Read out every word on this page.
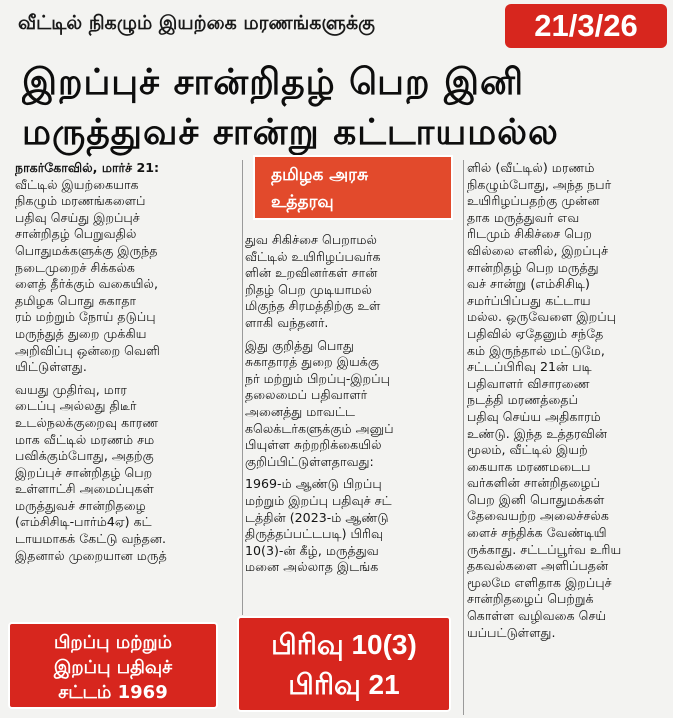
வீட்டில் நிகழும் இயற்கை மரணங்களுக்கு	21/3/26
இறப்புச் சான்றிதழ் பெற இனி
மருத்துவச் சான்று கட்டாயமல்ல

நாகர்கோவில், மார்ச் 21:
வீட்டில் இயற்கையாக
நிகழும் மரணங்களைப்
பதிவு செய்து இறப்புச்
சான்றிதழ் பெறுவதில்
பொதுமக்களுக்கு இருந்த
நடைமுறைச் சிக்கல்க
ளைத் தீர்க்கும் வகையில்,
தமிழக பொது சுகாதா
ரம் மற்றும் நோய் தடுப்பு
மருந்துத் துறை முக்கிய
அறிவிப்பு ஒன்றை வெளி
யிட்டுள்ளது.

வயது முதிர்வு, மார
டைப்பு அல்லது திடீர்
உடல்நலக்குறைவு காரண
மாக வீட்டில் மரணம் சம
பவிக்கும்போது, அதற்கு
இறப்புச் சான்றிதழ் பெற
உள்ளாட்சி அமைப்புகள்
மருத்துவச் சான்றிதழை
(எம்சிசிடி-பார்ம்4ஏ) கட்
டாயமாகக் கேட்டு வந்தன.
இதனால் முறையான மருத்

தமிழக அரசு
உத்தரவு

துவ சிகிச்சை பெறாமல்
வீட்டில் உயிரிழப்பவர்க
ளின் உறவினர்கள் சான்
றிதழ் பெற முடியாமல்
மிகுந்த சிரமத்திற்கு உள்
ளாகி வந்தனர்.

இது குறித்து பொது
சுகாதாரத் துறை இயக்கு
நர் மற்றும் பிறப்பு-இறப்பு
தலைமைப் பதிவாளர்
அனைத்து மாவட்ட
கலெக்டர்களுக்கும் அனுப்
பியுள்ள சுற்றறிக்கையில்
குறிப்பிட்டுள்ளதாவது:

1969-ம் ஆண்டு பிறப்பு
மற்றும் இறப்பு பதிவுச் சட்
டத்தின் (2023-ம் ஆண்டு
திருத்தப்பட்டபடி) பிரிவு
10(3)-ன் கீழ், மருத்துவ
மனை அல்லாத இடங்க

ளில் (வீட்டில்) மரணம்
நிகழும்போது, அந்த நபர்
உயிரிழப்பதற்கு முன்ன
தாக மருத்துவர் எவ
ரிடமும் சிகிச்சை பெற
வில்லை எனில், இறப்புச்
சான்றிதழ் பெற மருத்து
வச் சான்று (எம்சிசிடி)
சமர்ப்பிப்பது கட்டாய
மல்ல. ஒருவேளை இறப்பு
பதிவில் ஏதேனும் சந்தே
கம் இருந்தால் மட்டுமே,
சட்டப்பிரிவு 21ன் படி
பதிவாளர் விசாரணை
நடத்தி மரணத்தைப்
பதிவு செய்ய அதிகாரம்
உண்டு. இந்த உத்தரவின்
மூலம், வீட்டில் இயற்
கையாக மரணமடைப
வர்களின் சான்றிதழைப்
பெற இனி பொதுமக்கள்
தேவையற்ற அலைச்சல்க
ளைச் சந்திக்க வேண்டியி
ருக்காது. சட்டப்பூர்வ உரிய
தகவல்களை அளிப்பதன்
மூலமே எளிதாக இறப்புச்
சான்றிதழைப் பெற்றுக்
கொள்ள வழிவகை செய்
யப்பட்டுள்ளது.

பிறப்பு மற்றும்
இறப்பு பதிவுச்
சட்டம் 1969
பிரிவு 10(3)
பிரிவு 21
